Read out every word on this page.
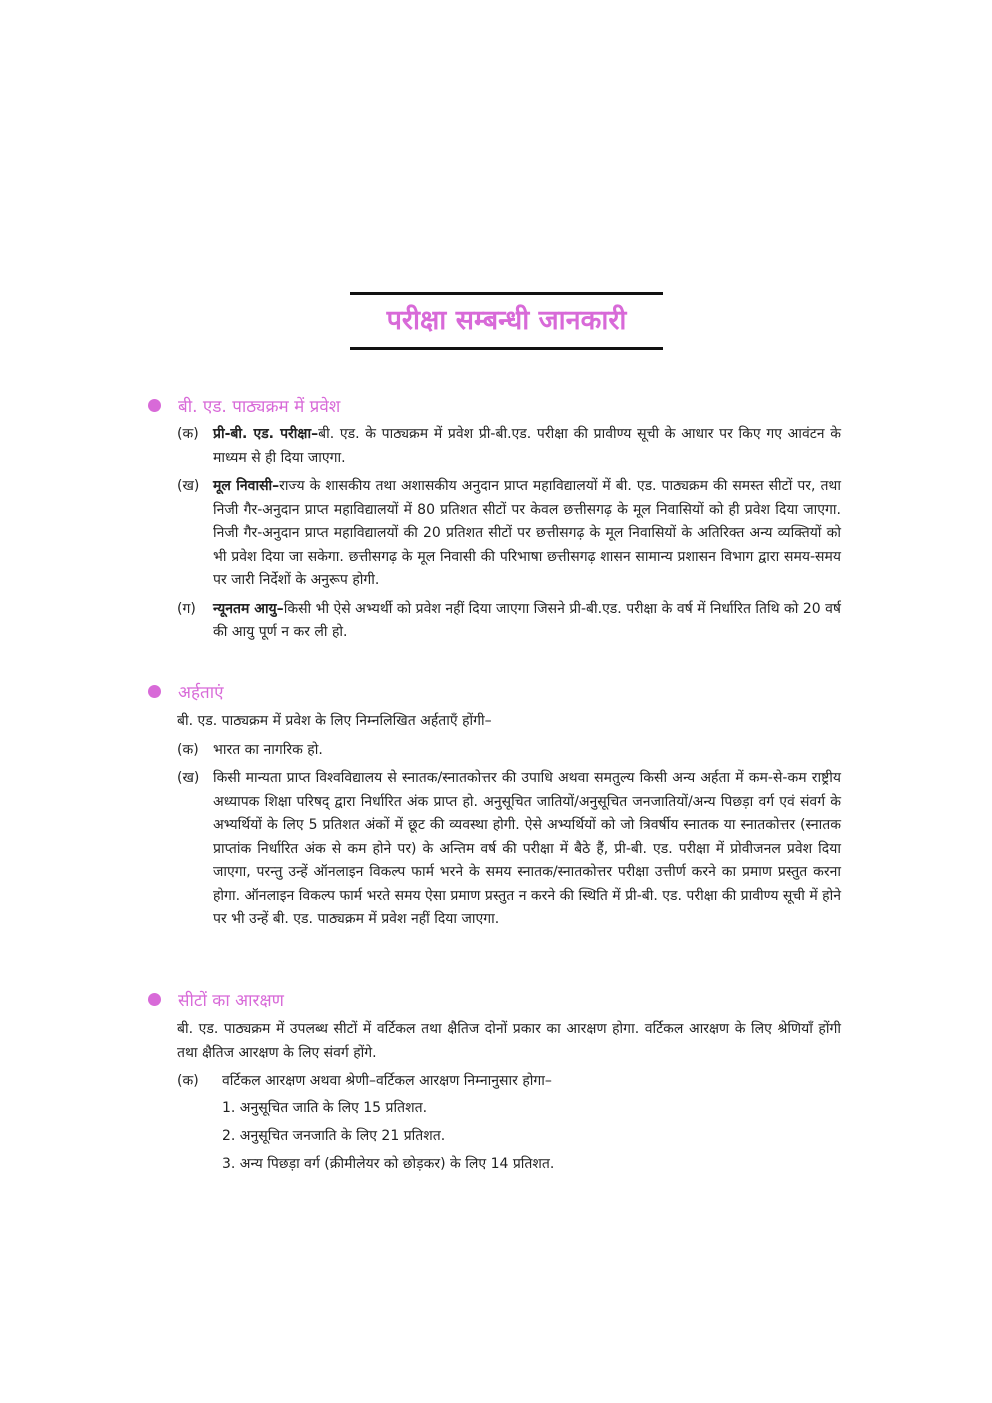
परीक्षा सम्बन्धी जानकारी
बी. एड. पाठ्यक्रम में प्रवेश
(क)	प्री-बी. एड. परीक्षा–बी. एड. के पाठ्यक्रम में प्रवेश प्री-बी.एड. परीक्षा की प्रावीण्य सूची के आधार पर किए गए आवंटन के माध्यम से ही दिया जाएगा.
(ख) मूल निवासी–राज्य के शासकीय तथा अशासकीय अनुदान प्राप्त महाविद्यालयों में बी. एड. पाठ्यक्रम की समस्त सीटों पर, तथा निजी गैर-अनुदान प्राप्त महाविद्यालयों में 80 प्रतिशत सीटों पर केवल छत्तीसगढ़ के मूल निवासियों को ही प्रवेश दिया जाएगा. निजी गैर-अनुदान प्राप्त महाविद्यालयों की 20 प्रतिशत सीटों पर छत्तीसगढ़ के मूल निवासियों के अतिरिक्त अन्य व्यक्तियों को भी प्रवेश दिया जा सकेगा. छत्तीसगढ़ के मूल निवासी की परिभाषा छत्तीसगढ़ शासन सामान्य प्रशासन विभाग द्वारा समय-समय पर जारी निर्देशों के अनुरूप होगी.
(ग)	न्यूनतम आयु–किसी भी ऐसे अभ्यर्थी को प्रवेश नहीं दिया जाएगा जिसने प्री-बी.एड. परीक्षा के वर्ष में निर्धारित तिथि को 20 वर्ष की आयु पूर्ण न कर ली हो.
अर्हताएं
बी. एड. पाठ्यक्रम में प्रवेश के लिए निम्नलिखित अर्हताएँ होंगी–
(क)	भारत का नागरिक हो.
(ख) किसी मान्यता प्राप्त विश्वविद्यालय से स्नातक/स्नातकोत्तर की उपाधि अथवा समतुल्य किसी अन्य अर्हता में कम-से-कम राष्ट्रीय अध्यापक शिक्षा परिषद् द्वारा निर्धारित अंक प्राप्त हो. अनुसूचित जातियों/अनुसूचित जनजातियों/अन्य पिछड़ा वर्ग एवं संवर्ग के अभ्यर्थियों के लिए 5 प्रतिशत अंकों में छूट की व्यवस्था होगी. ऐसे अभ्यर्थियों को जो त्रिवर्षीय स्नातक या स्नातकोत्तर (स्नातक प्राप्तांक निर्धारित अंक से कम होने पर) के अन्तिम वर्ष की परीक्षा में बैठे हैं, प्री-बी. एड. परीक्षा में प्रोवीजनल प्रवेश दिया जाएगा, परन्तु उन्हें ऑनलाइन विकल्प फार्म भरने के समय स्नातक/स्नातकोत्तर परीक्षा उत्तीर्ण करने का प्रमाण प्रस्तुत करना होगा. ऑनलाइन विकल्प फार्म भरते समय ऐसा प्रमाण प्रस्तुत न करने की स्थिति में प्री-बी. एड. परीक्षा की प्रावीण्य सूची में होने पर भी उन्हें बी. एड. पाठ्यक्रम में प्रवेश नहीं दिया जाएगा.
सीटों का आरक्षण
बी. एड. पाठ्यक्रम में उपलब्ध सीटों में वर्टिकल तथा क्षैतिज दोनों प्रकार का आरक्षण होगा. वर्टिकल आरक्षण के लिए श्रेणियाँ होंगी तथा क्षैतिज आरक्षण के लिए संवर्ग होंगे.
(क)	वर्टिकल आरक्षण अथवा श्रेणी–वर्टिकल आरक्षण निम्नानुसार होगा–
1. अनुसूचित जाति के लिए 15 प्रतिशत.
2. अनुसूचित जनजाति के लिए 21 प्रतिशत.
3. अन्य पिछड़ा वर्ग (क्रीमीलेयर को छोड़कर) के लिए 14 प्रतिशत.
